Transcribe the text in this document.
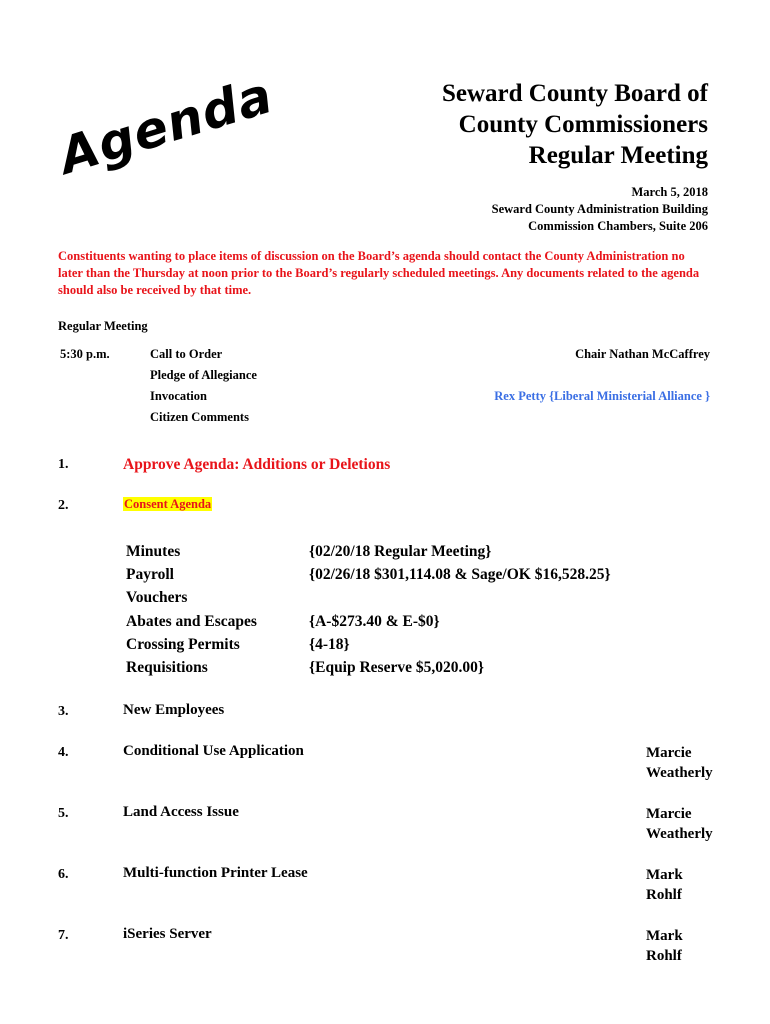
Agenda	Seward County Board of
County Commissioners
Regular Meeting
March 5, 2018
Seward County Administration Building
Commission Chambers, Suite 206
Constituents wanting to place items of discussion on the Board’s agenda should contact the County Administration no later than the Thursday at noon prior to the Board’s regularly scheduled meetings. Any documents related to the agenda should also be received by that time.
Regular Meeting
5:30 p.m.	Call to Order	Chair Nathan McCaffrey
Pledge of Allegiance
Invocation	Rex Petty {Liberal Ministerial Alliance }
Citizen Comments
1.	Approve Agenda: Additions or Deletions
2.	Consent Agenda
Minutes	{02/20/18 Regular Meeting}
Payroll	{02/26/18 $301,114.08 & Sage/OK $16,528.25}
Vouchers
Abates and Escapes	{A-$273.40 & E-$0}
Crossing Permits	{4-18}
Requisitions	{Equip Reserve $5,020.00}
3.	New Employees
4.	Conditional Use Application	Marcie
Weatherly
5.	Land Access Issue	Marcie
Weatherly
6.	Multi-function Printer Lease	Mark
Rohlf
7.	iSeries Server	Mark
Rohlf
